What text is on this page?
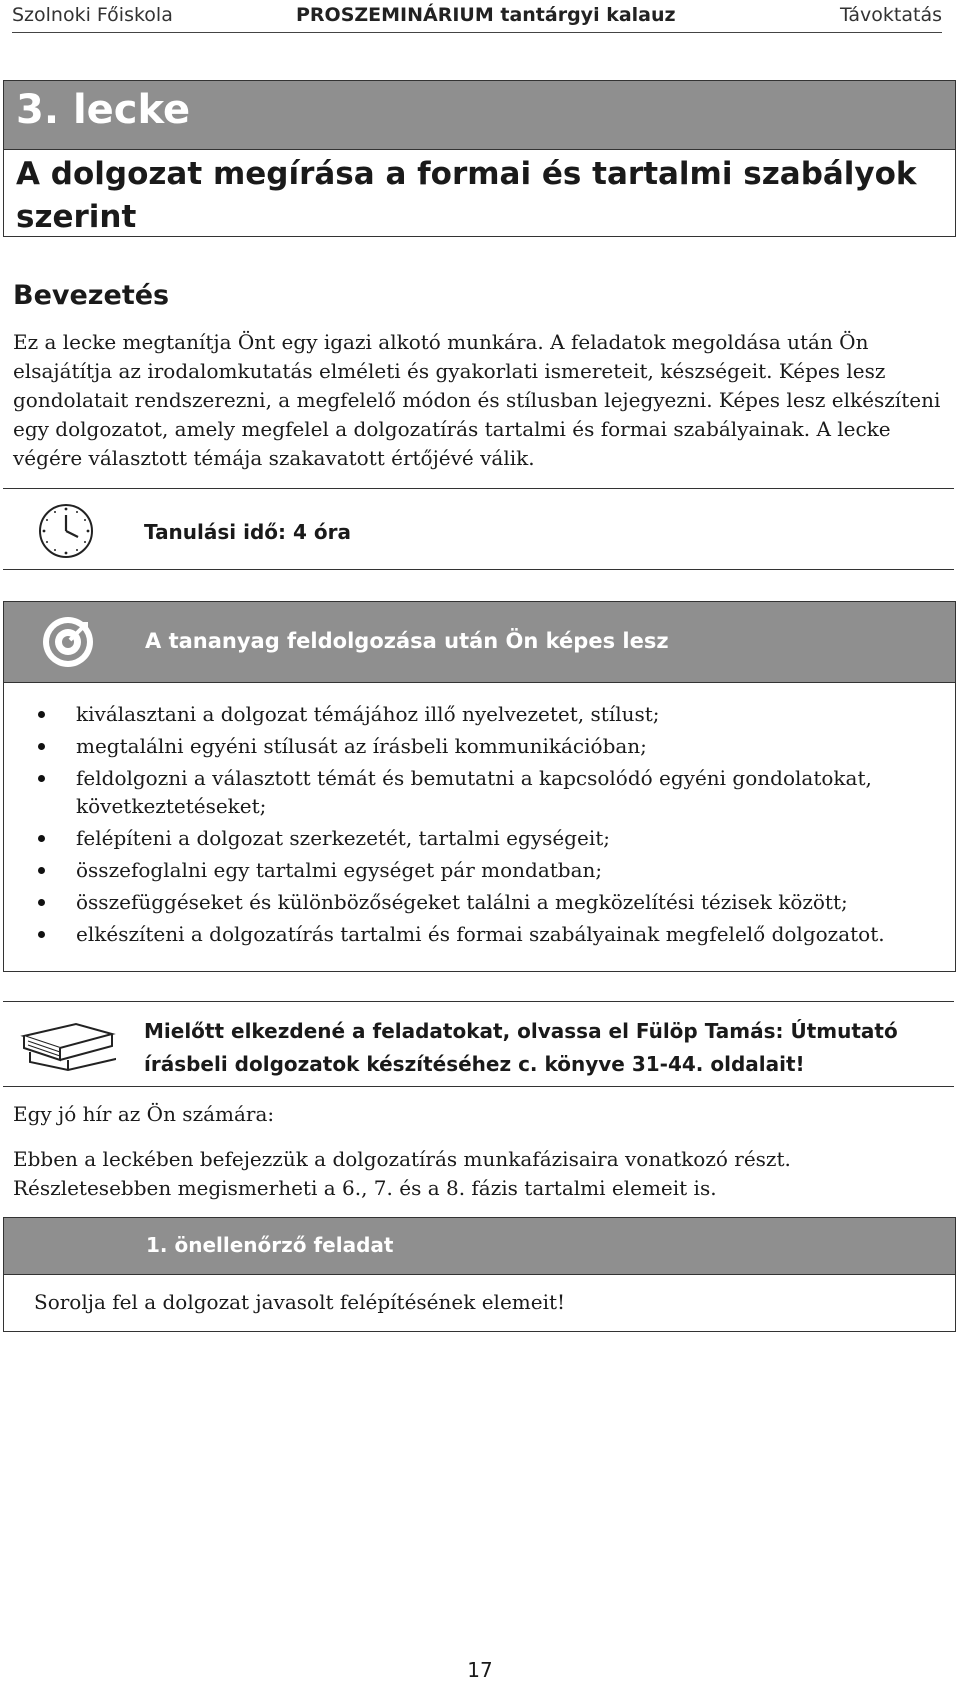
Szolnoki Főiskola	PROSZEMINÁRIUM tantárgyi kalauz	Távoktatás
3. lecke
A dolgozat megírása a formai és tartalmi szabályok
szerint
Bevezetés
Ez a lecke megtanítja Önt egy igazi alkotó munkára. A feladatok megoldása után Ön
elsajátítja az irodalomkutatás elméleti és gyakorlati ismereteit, készségeit. Képes lesz
gondolatait rendszerezni, a megfelelő módon és stílusban lejegyezni. Képes lesz elkészíteni
egy dolgozatot, amely megfelel a dolgozatírás tartalmi és formai szabályainak. A lecke
végére választott témája szakavatott értőjévé válik.
Tanulási idő: 4 óra
A tananyag feldolgozása után Ön képes lesz
kiválasztani a dolgozat témájához illő nyelvezetet, stílust;
megtalálni egyéni stílusát az írásbeli kommunikációban;
feldolgozni a választott témát és bemutatni a kapcsolódó egyéni gondolatokat, következtetéseket;
felépíteni a dolgozat szerkezetét, tartalmi egységeit;
összefoglalni egy tartalmi egységet pár mondatban;
összefüggéseket és különbözőségeket találni a megközelítési tézisek között;
elkészíteni a dolgozatírás tartalmi és formai szabályainak megfelelő dolgozatot.
Mielőtt elkezdené a feladatokat, olvassa el Fülöp Tamás: Útmutató
írásbeli dolgozatok készítéséhez c. könyve 31-44. oldalait!
Egy jó hír az Ön számára:
Ebben a leckében befejezzük a dolgozatírás munkafázisaira vonatkozó részt.
Részletesebben megismerheti a 6., 7. és a 8. fázis tartalmi elemeit is.
1. önellenőrző feladat
Sorolja fel a dolgozat javasolt felépítésének elemeit!
17
